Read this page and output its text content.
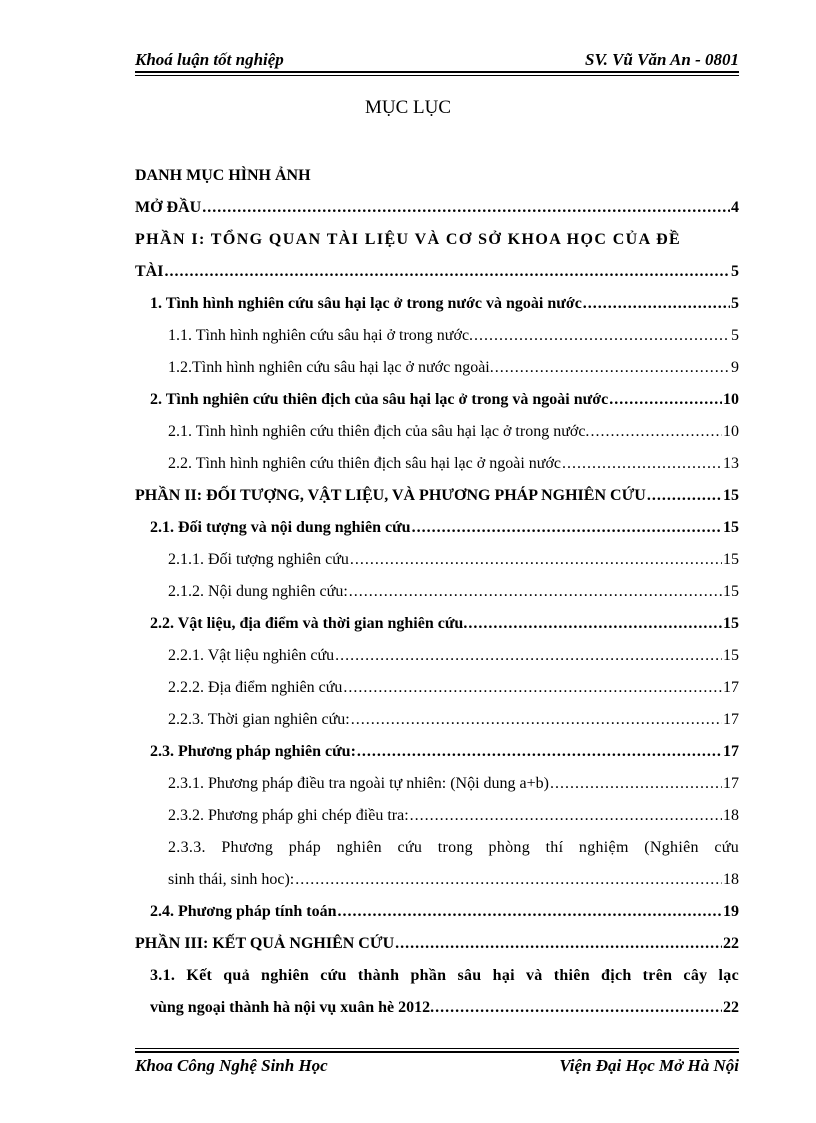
Khoá luận tốt nghiệp	SV. Vũ Văn An - 0801
MỤC LỤC
DANH MỤC HÌNH ẢNH
MỞ ĐẦU .....	4
PHẦN I: TỔNG QUAN TÀI LIỆU VÀ CƠ SỞ KHOA HỌC CỦA ĐỀ
TÀI .....	5
1. Tình hình nghiên cứu sâu hại lạc ở trong nước và ngoài nước .....	5
1.1. Tình hình nghiên cứu sâu hại ở trong nước. .....	5
1.2.Tình hình nghiên cứu sâu hại lạc ở nước ngoài. .....	9
2. Tình nghiên cứu thiên địch của sâu hại lạc ở trong và ngoài nước .....	10
2.1. Tình hình nghiên cứu thiên địch của sâu hại lạc ở trong nước. .....	10
2.2. Tình hình nghiên cứu thiên địch sâu hại lạc ở ngoài nước .....	13
PHẦN II: ĐỐI TƯỢNG, VẬT LIỆU, VÀ PHƯƠNG PHÁP NGHIÊN CỨU .....	15
2.1. Đối tượng và nội dung nghiên cứu .....	15
2.1.1. Đối tượng nghiên cứu .....	15
2.1.2. Nội dung nghiên cứu: .....	15
2.2. Vật liệu, địa điểm và thời gian nghiên cứu. .....	15
2.2.1. Vật liệu nghiên cứu .....	15
2.2.2. Địa điểm nghiên cứu .....	17
2.2.3. Thời gian nghiên cứu: .....	17
2.3. Phương pháp nghiên cứu: .....	17
2.3.1. Phương pháp điều tra ngoài tự nhiên: (Nội dung a+b) .....	17
2.3.2. Phương pháp ghi chép điều tra: .....	18
2.3.3. Phương pháp nghiên cứu trong phòng thí nghiệm (Nghiên cứu
sinh thái, sinh hoc): .....	18
2.4. Phương pháp tính toán .....	19
PHẦN III: KẾT QUẢ NGHIÊN CỨU .....	22
3.1. Kết quả nghiên cứu thành phần sâu hại và thiên địch trên cây lạc
vùng ngoại thành hà nội vụ xuân hè 2012. .....	22
Khoa Công Nghệ Sinh Học	Viện Đại Học Mở Hà Nội
